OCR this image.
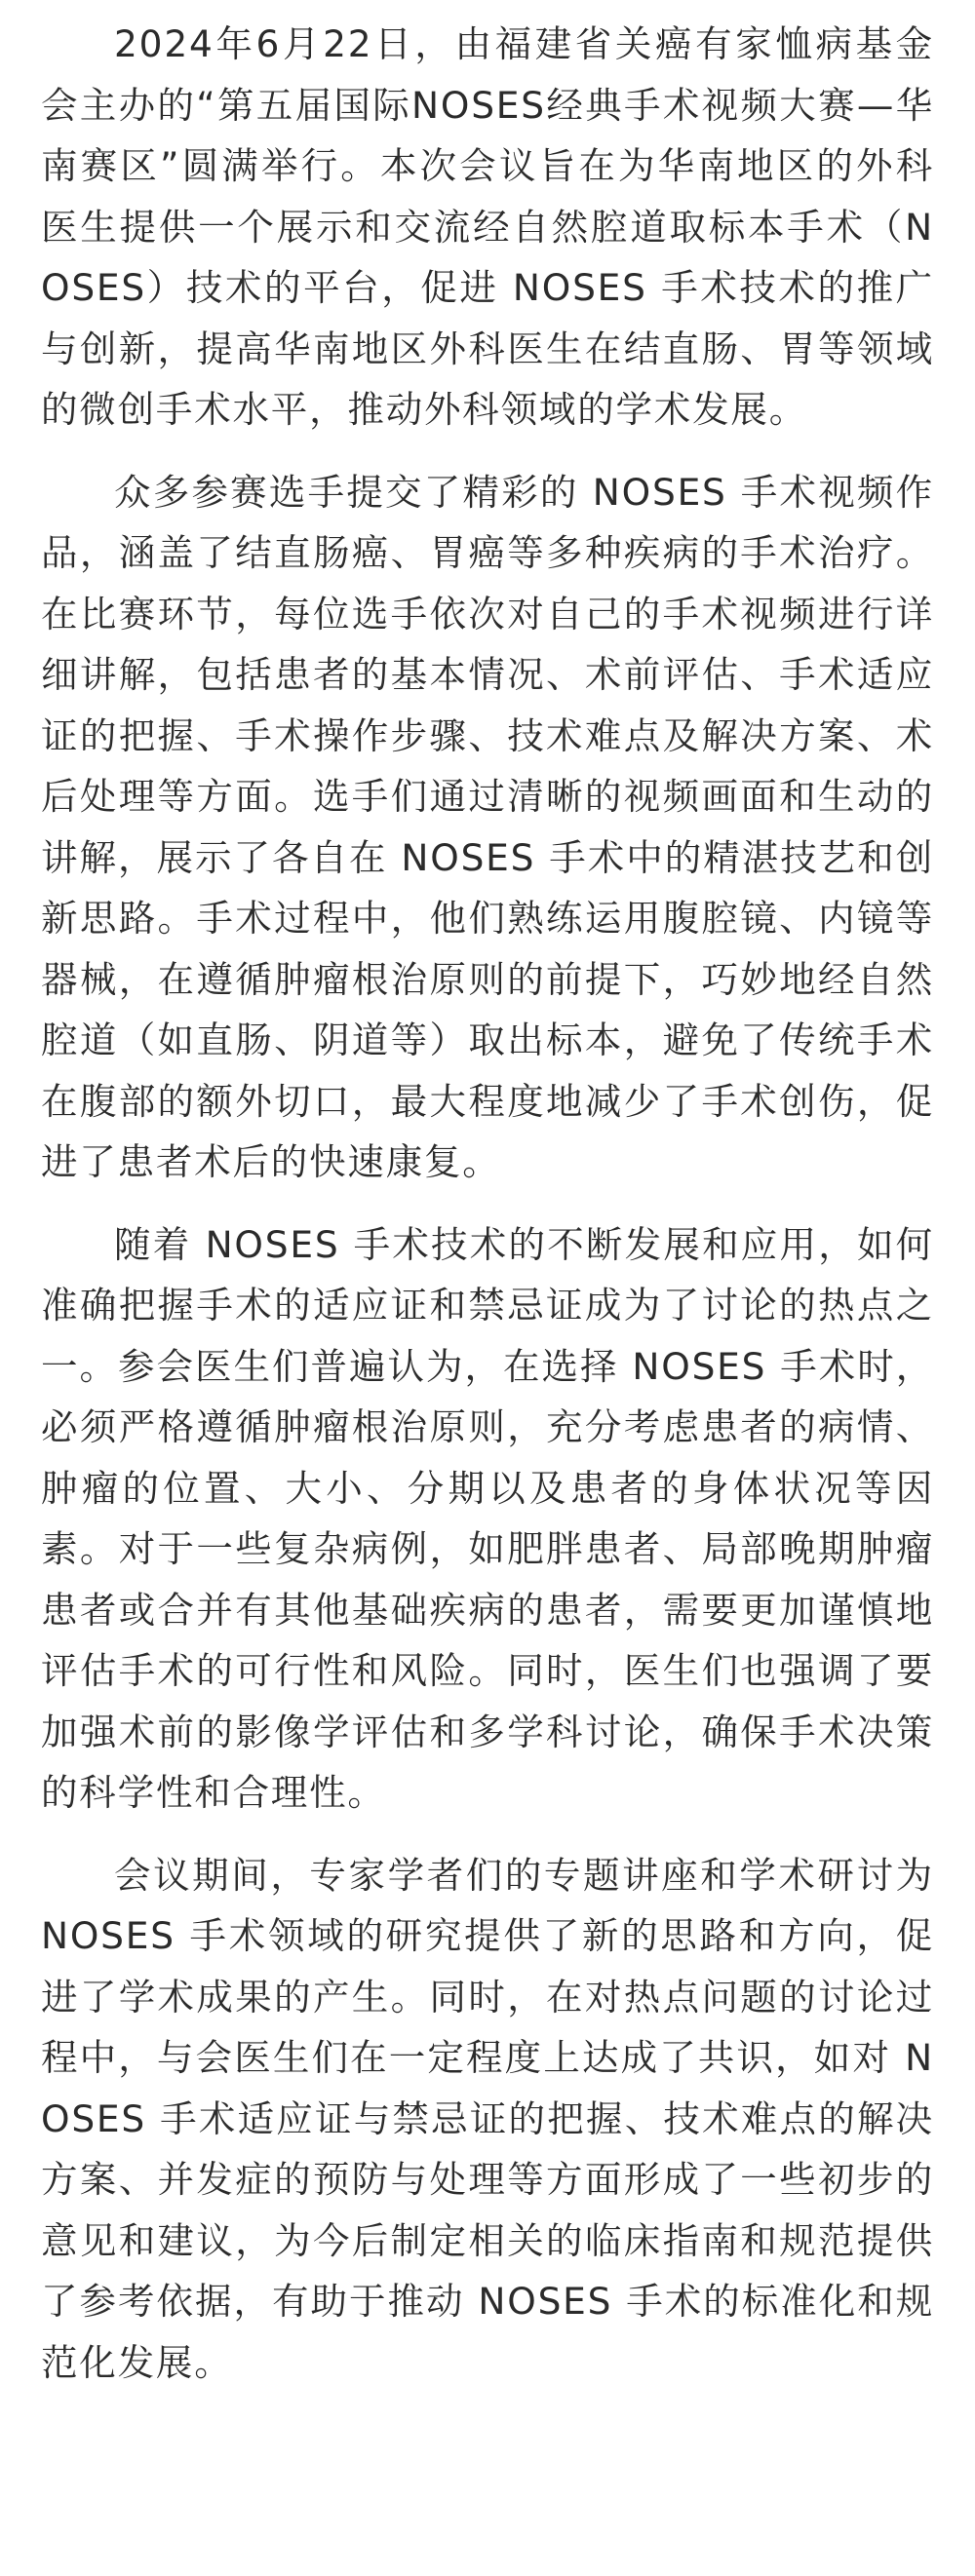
2024年6月22日，由福建省关癌有家恤病基金会主办的“第五届国际NOSES经典手术视频大赛—华南赛区”圆满举行。本次会议旨在为华南地区的外科医生提供一个展示和交流经自然腔道取标本手术（NOSES）技术的平台，促进 NOSES 手术技术的推广与创新，提高华南地区外科医生在结直肠、胃等领域的微创手术水平，推动外科领域的学术发展。

众多参赛选手提交了精彩的 NOSES 手术视频作品，涵盖了结直肠癌、胃癌等多种疾病的手术治疗。在比赛环节，每位选手依次对自己的手术视频进行详细讲解，包括患者的基本情况、术前评估、手术适应证的把握、手术操作步骤、技术难点及解决方案、术后处理等方面。选手们通过清晰的视频画面和生动的讲解，展示了各自在 NOSES 手术中的精湛技艺和创新思路。手术过程中，他们熟练运用腹腔镜、内镜等器械，在遵循肿瘤根治原则的前提下，巧妙地经自然腔道（如直肠、阴道等）取出标本，避免了传统手术在腹部的额外切口，最大程度地减少了手术创伤，促进了患者术后的快速康复。

随着 NOSES 手术技术的不断发展和应用，如何准确把握手术的适应证和禁忌证成为了讨论的热点之一。参会医生们普遍认为，在选择 NOSES 手术时，必须严格遵循肿瘤根治原则，充分考虑患者的病情、肿瘤的位置、大小、分期以及患者的身体状况等因素。对于一些复杂病例，如肥胖患者、局部晚期肿瘤患者或合并有其他基础疾病的患者，需要更加谨慎地评估手术的可行性和风险。同时，医生们也强调了要加强术前的影像学评估和多学科讨论，确保手术决策的科学性和合理性。

会议期间，专家学者们的专题讲座和学术研讨为 NOSES 手术领域的研究提供了新的思路和方向，促进了学术成果的产生。同时，在对热点问题的讨论过程中，与会医生们在一定程度上达成了共识，如对 NOSES 手术适应证与禁忌证的把握、技术难点的解决方案、并发症的预防与处理等方面形成了一些初步的意见和建议，为今后制定相关的临床指南和规范提供了参考依据，有助于推动 NOSES 手术的标准化和规范化发展。
